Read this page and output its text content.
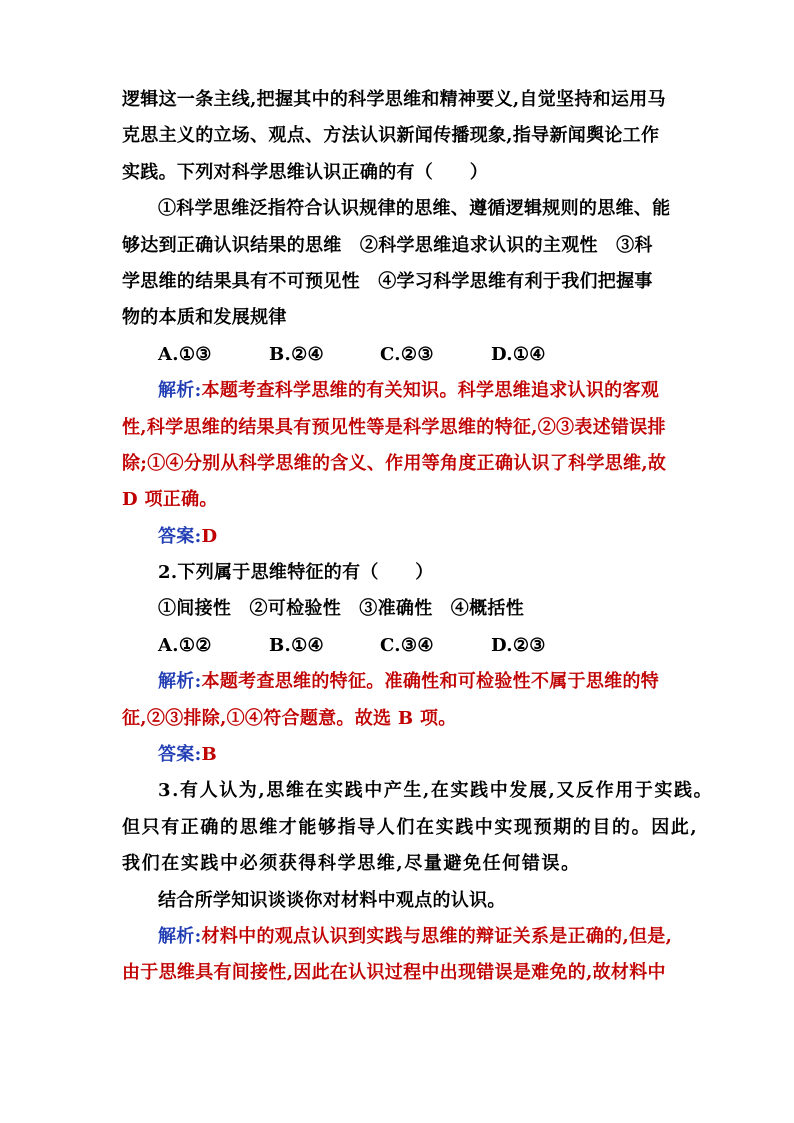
逻辑这一条主线,把握其中的科学思维和精神要义,自觉坚持和运用马
克思主义的立场、观点、方法认识新闻传播现象,指导新闻舆论工作
实践。下列对科学思维认识正确的有（　　）
①科学思维泛指符合认识规律的思维、遵循逻辑规则的思维、能
够达到正确认识结果的思维　②科学思维追求认识的主观性　③科
学思维的结果具有不可预见性　④学习科学思维有利于我们把握事
物的本质和发展规律
A.①③	B.②④	C.②③	D.①④
解析:本题考查科学思维的有关知识。科学思维追求认识的客观
性,科学思维的结果具有预见性等是科学思维的特征,②③表述错误排
除;①④分别从科学思维的含义、作用等角度正确认识了科学思维,故
D 项正确。
答案:D
2.下列属于思维特征的有（　　）
①间接性　②可检验性　③准确性　④概括性
A.①②	B.①④	C.③④	D.②③
解析:本题考查思维的特征。准确性和可检验性不属于思维的特
征,②③排除,①④符合题意。故选 B 项。
答案:B
3.有人认为,思维在实践中产生,在实践中发展,又反作用于实践。
但只有正确的思维才能够指导人们在实践中实现预期的目的。因此,
我们在实践中必须获得科学思维,尽量避免任何错误。
结合所学知识谈谈你对材料中观点的认识。
解析:材料中的观点认识到实践与思维的辩证关系是正确的,但是,
由于思维具有间接性,因此在认识过程中出现错误是难免的,故材料中
